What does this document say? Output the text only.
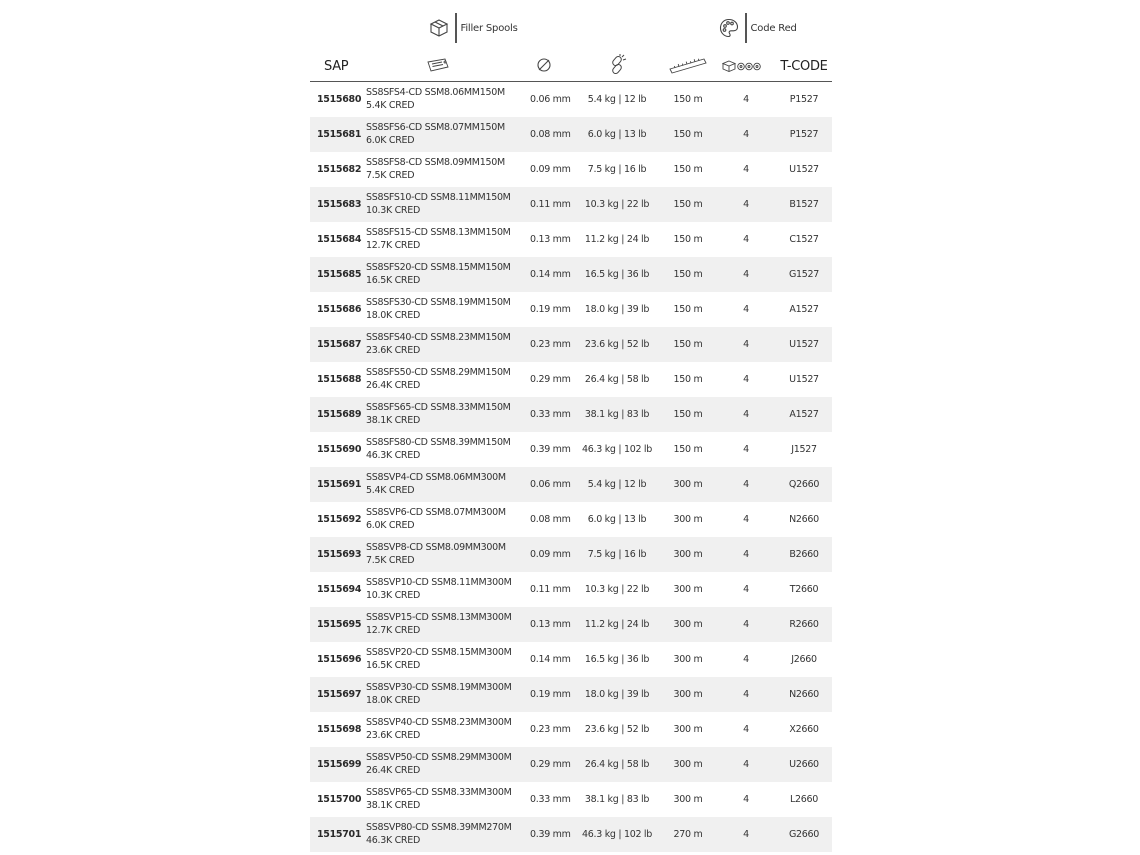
Filler Spools	Code Red
SAP						T-CODE
1515680	SS8SFS4-CD SSM8.06MM150M
5.4K CRED	0.06 mm	5.4 kg | 12 lb	150 m	4	P1527
1515681	SS8SFS6-CD SSM8.07MM150M
6.0K CRED	0.08 mm	6.0 kg | 13 lb	150 m	4	P1527
1515682	SS8SFS8-CD SSM8.09MM150M
7.5K CRED	0.09 mm	7.5 kg | 16 lb	150 m	4	U1527
1515683	SS8SFS10-CD SSM8.11MM150M
10.3K CRED	0.11 mm	10.3 kg | 22 lb	150 m	4	B1527
1515684	SS8SFS15-CD SSM8.13MM150M
12.7K CRED	0.13 mm	11.2 kg | 24 lb	150 m	4	C1527
1515685	SS8SFS20-CD SSM8.15MM150M
16.5K CRED	0.14 mm	16.5 kg | 36 lb	150 m	4	G1527
1515686	SS8SFS30-CD SSM8.19MM150M
18.0K CRED	0.19 mm	18.0 kg | 39 lb	150 m	4	A1527
1515687	SS8SFS40-CD SSM8.23MM150M
23.6K CRED	0.23 mm	23.6 kg | 52 lb	150 m	4	U1527
1515688	SS8SFS50-CD SSM8.29MM150M
26.4K CRED	0.29 mm	26.4 kg | 58 lb	150 m	4	U1527
1515689	SS8SFS65-CD SSM8.33MM150M
38.1K CRED	0.33 mm	38.1 kg | 83 lb	150 m	4	A1527
1515690	SS8SFS80-CD SSM8.39MM150M
46.3K CRED	0.39 mm	46.3 kg | 102 lb	150 m	4	J1527
1515691	SS8SVP4-CD SSM8.06MM300M
5.4K CRED	0.06 mm	5.4 kg | 12 lb	300 m	4	Q2660
1515692	SS8SVP6-CD SSM8.07MM300M
6.0K CRED	0.08 mm	6.0 kg | 13 lb	300 m	4	N2660
1515693	SS8SVP8-CD SSM8.09MM300M
7.5K CRED	0.09 mm	7.5 kg | 16 lb	300 m	4	B2660
1515694	SS8SVP10-CD SSM8.11MM300M
10.3K CRED	0.11 mm	10.3 kg | 22 lb	300 m	4	T2660
1515695	SS8SVP15-CD SSM8.13MM300M
12.7K CRED	0.13 mm	11.2 kg | 24 lb	300 m	4	R2660
1515696	SS8SVP20-CD SSM8.15MM300M
16.5K CRED	0.14 mm	16.5 kg | 36 lb	300 m	4	J2660
1515697	SS8SVP30-CD SSM8.19MM300M
18.0K CRED	0.19 mm	18.0 kg | 39 lb	300 m	4	N2660
1515698	SS8SVP40-CD SSM8.23MM300M
23.6K CRED	0.23 mm	23.6 kg | 52 lb	300 m	4	X2660
1515699	SS8SVP50-CD SSM8.29MM300M
26.4K CRED	0.29 mm	26.4 kg | 58 lb	300 m	4	U2660
1515700	SS8SVP65-CD SSM8.33MM300M
38.1K CRED	0.33 mm	38.1 kg | 83 lb	300 m	4	L2660
1515701	SS8SVP80-CD SSM8.39MM270M
46.3K CRED	0.39 mm	46.3 kg | 102 lb	270 m	4	G2660
